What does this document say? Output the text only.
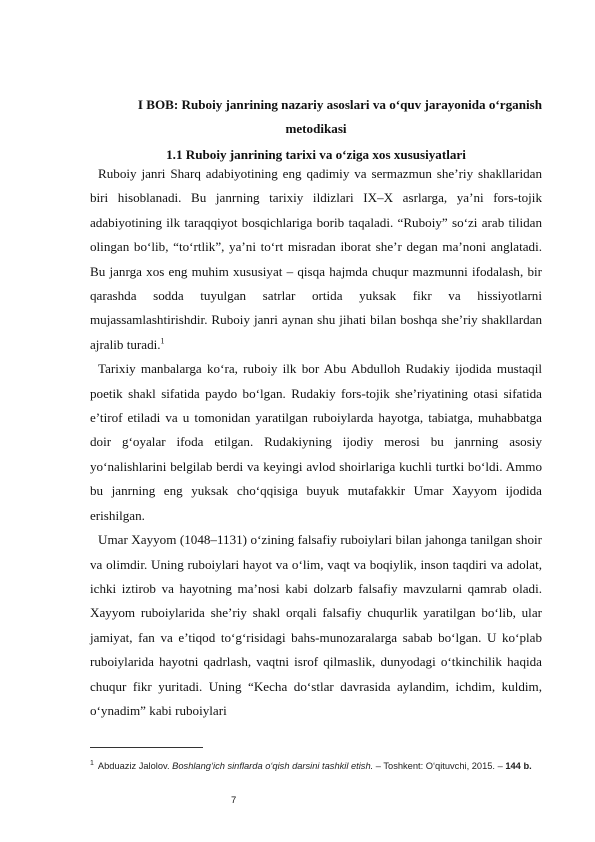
I BOB: Ruboiy janrining nazariy asoslari va o‘quv jarayonida o‘rganish
metodikasi
1.1 Ruboiy janrining tarixi va o‘ziga xos xususiyatlari

Ruboiy janri Sharq adabiyotining eng qadimiy va sermazmun she’riy shakllaridan biri hisoblanadi. Bu janrning tarixiy ildizlari IX–X asrlarga, ya’ni fors-tojik adabiyotining ilk taraqqiyot bosqichlariga borib taqaladi. “Ruboiy” so‘zi arab tilidan olingan bo‘lib, “to‘rtlik”, ya’ni to‘rt misradan iborat she’r degan ma’noni anglatadi. Bu janrga xos eng muhim xususiyat – qisqa hajmda chuqur mazmunni ifodalash, bir qarashda sodda tuyulgan satrlar ortida yuksak fikr va hissiyotlarni mujassamlashtirishdir. Ruboiy janri aynan shu jihati bilan boshqa she’riy shakllardan ajralib turadi.$^1$

Tarixiy manbalarga ko‘ra, ruboiy ilk bor Abu Abdulloh Rudakiy ijodida mustaqil poetik shakl sifatida paydo bo‘lgan. Rudakiy fors-tojik she’riyatining otasi sifatida e’tirof etiladi va u tomonidan yaratilgan ruboiylarda hayotga, tabiatga, muhabbatga doir g‘oyalar ifoda etilgan. Rudakiyning ijodiy merosi bu janrning asosiy yo‘nalishlarini belgilab berdi va keyingi avlod shoirlariga kuchli turtki bo‘ldi. Ammo bu janrning eng yuksak cho‘qqisiga buyuk mutafakkir Umar Xayyom ijodida erishilgan.

Umar Xayyom (1048–1131) o‘zining falsafiy ruboiylari bilan jahonga tanilgan shoir va olimdir. Uning ruboiylari hayot va o‘lim, vaqt va boqiylik, inson taqdiri va adolat, ichki iztirob va hayotning ma’nosi kabi dolzarb falsafiy mavzularni qamrab oladi. Xayyom ruboiylarida she’riy shakl orqali falsafiy chuqurlik yaratilgan bo‘lib, ular jamiyat, fan va e’tiqod to‘g‘risidagi bahs-munozaralarga sabab bo‘lgan. U ko‘plab ruboiylarida hayotni qadrlash, vaqtni isrof qilmaslik, dunyodagi o‘tkinchilik haqida chuqur fikr yuritadi. Uning “Kecha do‘stlar davrasida aylandim, ichdim, kuldim, o‘ynadim” kabi ruboiylari

$^1$ Abduaziz Jalolov. Boshlang‘ich sinflarda o‘qish darsini tashkil etish. – Toshkent: O‘qituvchi, 2015. – 144 b.
7
